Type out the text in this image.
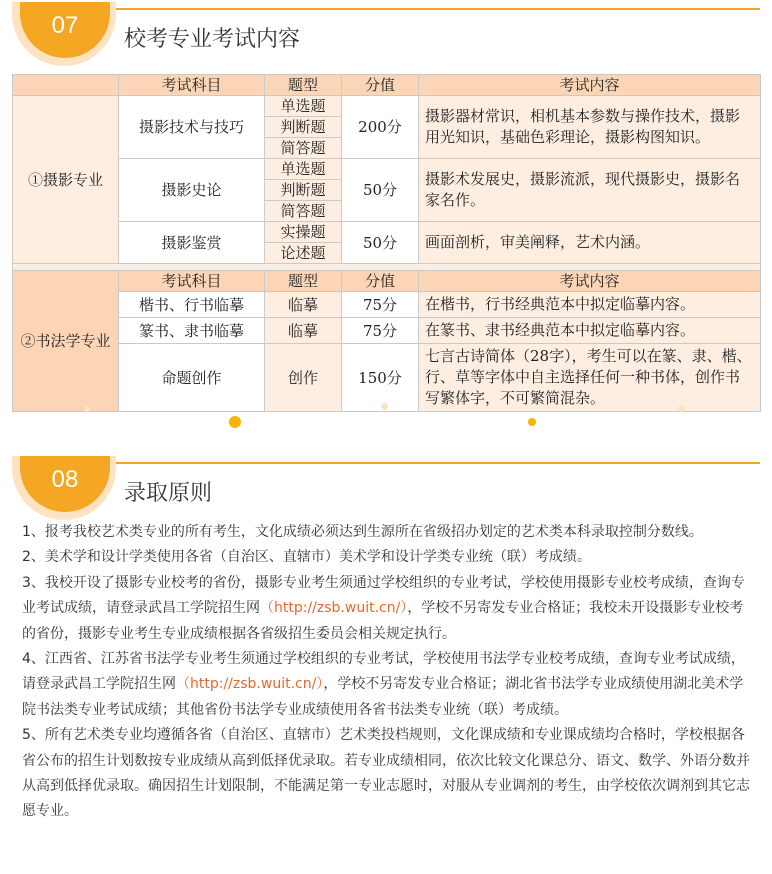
07
校考专业考试内容
	考试科目	题型	分值	考试内容
①摄影专业	摄影技术与技巧	单选题	200分	摄影器材常识，相机基本参数与操作技术，摄影用光知识，基础色彩理论，摄影构图知识。
		判断题		
		简答题		
	摄影史论	单选题	50分	摄影术发展史，摄影流派，现代摄影史，摄影名家名作。
		判断题		
		简答题		
	摄影鉴赏	实操题	50分	画面剖析，审美阐释，艺术内涵。
		论述题		

②书法学专业	考试科目	题型	分值	考试内容
	楷书、行书临摹	临摹	75分	在楷书，行书经典范本中拟定临摹内容。
	篆书、隶书临摹	临摹	75分	在篆书、隶书经典范本中拟定临摹内容。
	命题创作	创作	150分	七言古诗简体（28字），考生可以在篆、隶、楷、行、草等字体中自主选择任何一种书体，创作书写繁体字，不可繁简混杂。
08
录取原则

1、报考我校艺术类专业的所有考生，文化成绩必须达到生源所在省级招办划定的艺术类本科录取控制分数线。

2、美术学和设计学类使用各省（自治区、直辖市）美术学和设计学类专业统（联）考成绩。

3、我校开设了摄影专业校考的省份，摄影专业考生须通过学校组织的专业考试，学校使用摄影专业校考成绩，查询专业考试成绩，请登录武昌工学院招生网（http://zsb.wuit.cn/），学校不另寄发专业合格证；我校未开设摄影专业校考的省份，摄影专业考生专业成绩根据各省级招生委员会相关规定执行。

4、江西省、江苏省书法学专业考生须通过学校组织的专业考试，学校使用书法学专业校考成绩，查询专业考试成绩，请登录武昌工学院招生网（http://zsb.wuit.cn/），学校不另寄发专业合格证；湖北省书法学专业成绩使用湖北美术学院书法类专业考试成绩；其他省份书法学专业成绩使用各省书法类专业统（联）考成绩。

5、所有艺术类专业均遵循各省（自治区、直辖市）艺术类投档规则，文化课成绩和专业课成绩均合格时，学校根据各省公布的招生计划数按专业成绩从高到低择优录取。若专业成绩相同，依次比较文化课总分、语文、数学、外语分数并从高到低择优录取。确因招生计划限制，不能满足第一专业志愿时，对服从专业调剂的考生，由学校依次调剂到其它志愿专业。
